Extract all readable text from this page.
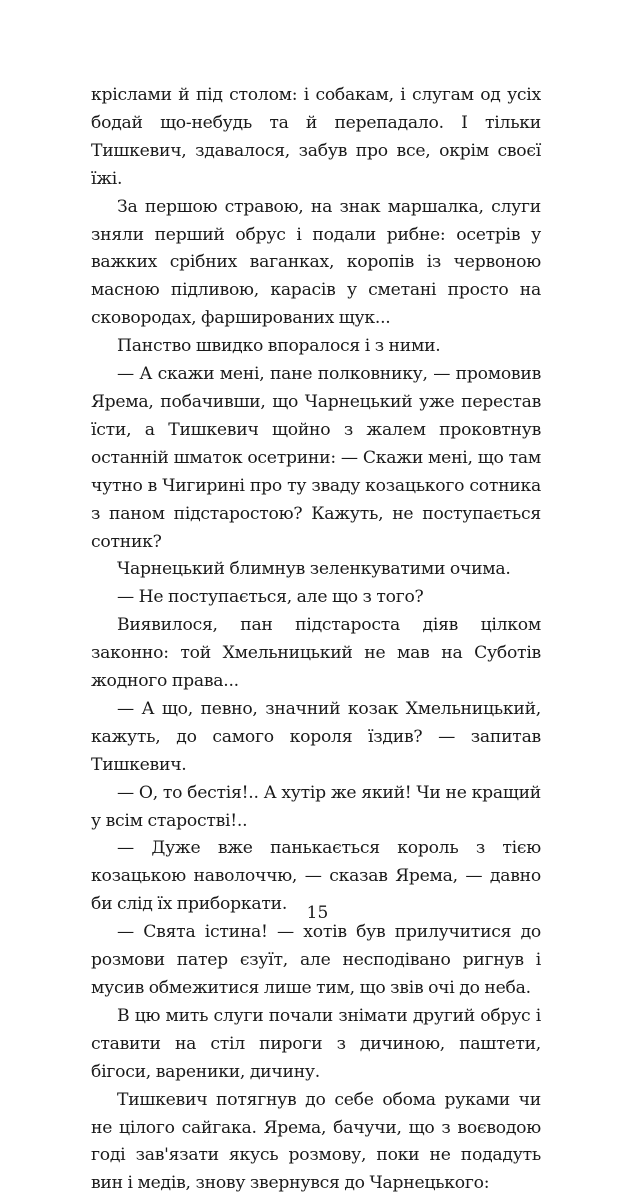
кріслами й під столом: і собакам, і слугам од усіх бодай що-небудь та й перепадало. І тільки Тишкевич, здавалося, забув про все, окрім своєї їжі.

За першою стравою, на знак маршалка, слуги зняли перший обрус і подали рибне: осетрів у важких срібних ваганках, коропів із червоною масною підливою, карасів у сметані просто на сковородах, фаршированих щук...

Панство швидко впоралося і з ними.

— А скажи мені, пане полковнику, — промовив Ярема, побачивши, що Чарнецький уже перестав їсти, а Тишкевич щойно з жалем проковтнув останній шматок осетрини: — Скажи мені, що там чутно в Чигирині про ту зваду козацького сотника з паном підстаростою? Кажуть, не поступається сотник?

Чарнецький блимнув зеленкуватими очима.

— Не поступається, але що з того?

Виявилося, пан підстароста діяв цілком законно: той Хмельницький не мав на Суботів жодного права...

— А що, певно, значний козак Хмельницький, кажуть, до самого короля їздив? — запитав Тишкевич.

— О, то бестія!.. А хутір же який! Чи не кращий у всім старостві!..

— Дуже вже панькається король з тією козацькою наволоччю, — сказав Ярема, — давно би слід їх приборкати.

— Свята істина! — хотів був прилучитися до розмови патер єзуїт, але несподівано ригнув і мусив обмежитися лише тим, що звів очі до неба.

В цю мить слуги почали знімати другий обрус і ставити на стіл пироги з дичиною, паштети, бігоси, вареники, дичину.

Тишкевич потягнув до себе обома руками чи не цілого сайгака. Ярема, бачучи, що з воєводою годі зав'язати якусь розмову, поки не подадуть вин і медів, знову звернувся до Чарнецького:

15
